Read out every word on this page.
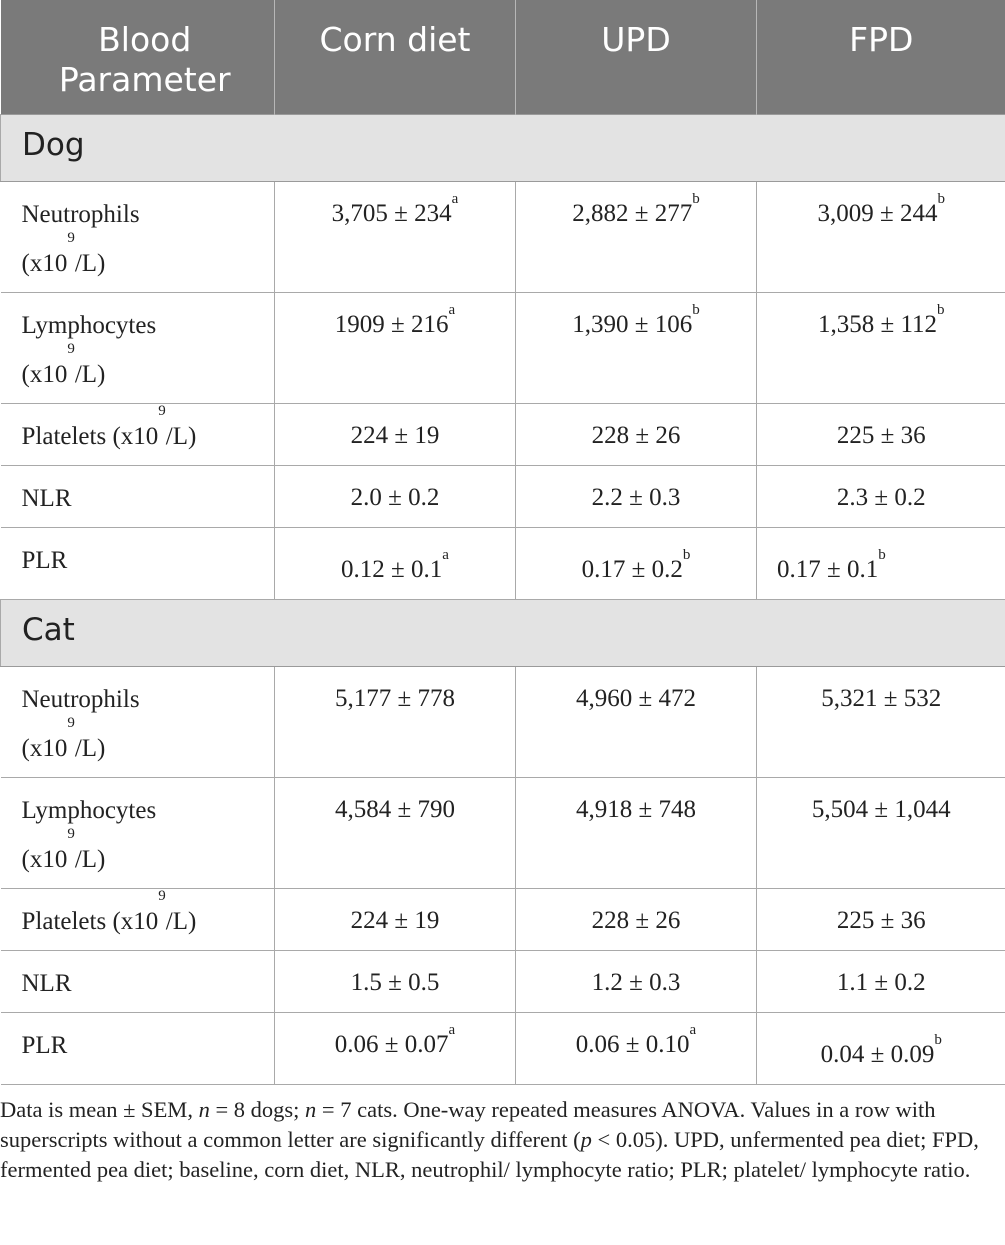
Blood Parameter	Corn diet	UPD	FPD
Dog			
Neutrophils
$(x10^9/L)$	$3,705 \pm 234^a$	$2,882 \pm 277^b$	$3,009 \pm 244^b$
Lymphocytes
$(x10^9/L)$	$1909 \pm 216^a$	$1,390 \pm 106^b$	$1,358 \pm 112^b$
Platelets $(x10^9/L)$	224 ± 19	228 ± 26	225 ± 36
NLR	2.0 ± 0.2	2.2 ± 0.3	2.3 ± 0.2
PLR	0.12 ± 0.1$^a$	0.17 ± 0.2$^b$	0.17 ± 0.1$^b$
Cat			
Neutrophils
$(x10^9/L)$	5,177 ± 778	4,960 ± 472	5,321 ± 532
Lymphocytes
$(x10^9/L)$	4,584 ± 790	4,918 ± 748	5,504 ± 1,044
Platelets $(x10^9/L)$	224 ± 19	228 ± 26	225 ± 36
NLR	1.5 ± 0.5	1.2 ± 0.3	1.1 ± 0.2
PLR	0.06 ± 0.07$^a$	0.06 ± 0.10$^a$	0.04 ± 0.09$^b$

Data is mean ± SEM, n = 8 dogs; n = 7 cats. One-way repeated measures ANOVA. Values in a row with superscripts without a common letter are significantly different (p < 0.05). UPD, unfermented pea diet; FPD, fermented pea diet; baseline, corn diet, NLR, neutrophil/ lymphocyte ratio; PLR; platelet/ lymphocyte ratio.
